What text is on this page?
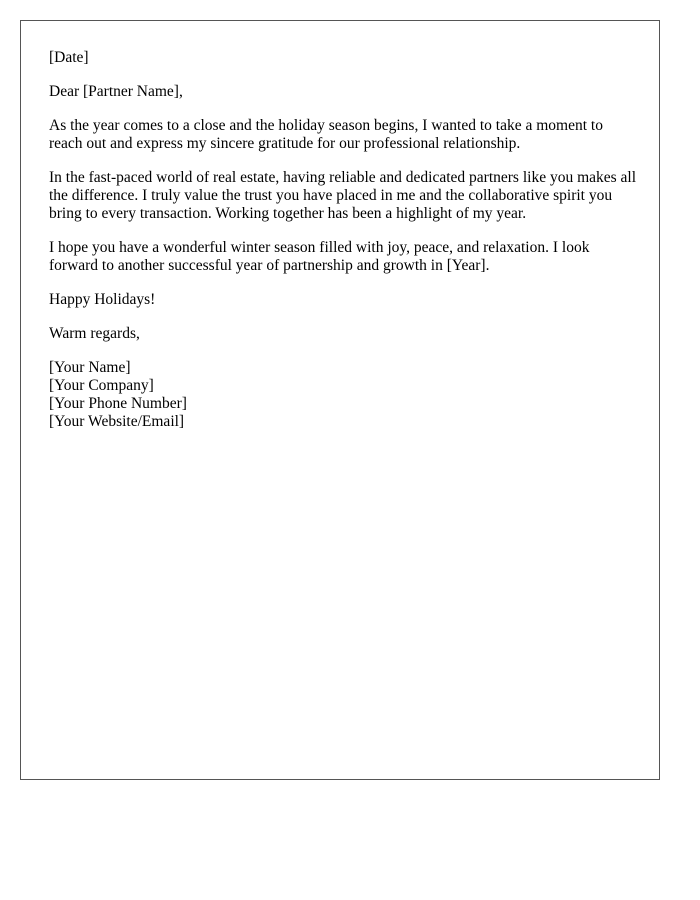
[Date]

Dear [Partner Name],

As the year comes to a close and the holiday season begins, I wanted to take a moment to reach out and express my sincere gratitude for our professional relationship.

In the fast-paced world of real estate, having reliable and dedicated partners like you makes all the difference. I truly value the trust you have placed in me and the collaborative spirit you bring to every transaction. Working together has been a highlight of my year.

I hope you have a wonderful winter season filled with joy, peace, and relaxation. I look forward to another successful year of partnership and growth in [Year].

Happy Holidays!

Warm regards,

[Your Name]
[Your Company]
[Your Phone Number]
[Your Website/Email]
